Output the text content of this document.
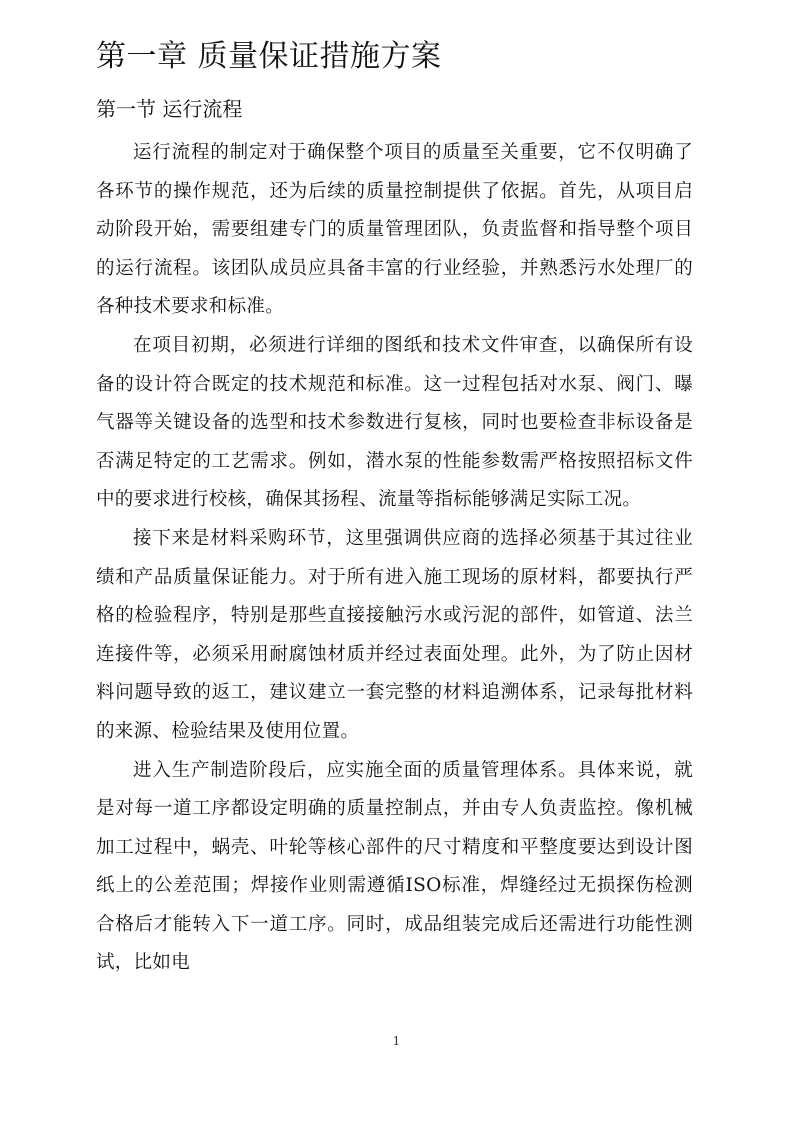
第一章 质量保证措施方案
第一节 运行流程

运行流程的制定对于确保整个项目的质量至关重要，它不仅明确了各环节的操作规范，还为后续的质量控制提供了依据。首先，从项目启动阶段开始，需要组建专门的质量管理团队，负责监督和指导整个项目的运行流程。该团队成员应具备丰富的行业经验，并熟悉污水处理厂的各种技术要求和标准。

在项目初期，必须进行详细的图纸和技术文件审查，以确保所有设备的设计符合既定的技术规范和标准。这一过程包括对水泵、阀门、曝气器等关键设备的选型和技术参数进行复核，同时也要检查非标设备是否满足特定的工艺需求。例如，潜水泵的性能参数需严格按照招标文件中的要求进行校核，确保其扬程、流量等指标能够满足实际工况。

接下来是材料采购环节，这里强调供应商的选择必须基于其过往业绩和产品质量保证能力。对于所有进入施工现场的原材料，都要执行严格的检验程序，特别是那些直接接触污水或污泥的部件，如管道、法兰连接件等，必须采用耐腐蚀材质并经过表面处理。此外，为了防止因材料问题导致的返工，建议建立一套完整的材料追溯体系，记录每批材料的来源、检验结果及使用位置。

进入生产制造阶段后，应实施全面的质量管理体系。具体来说，就是对每一道工序都设定明确的质量控制点，并由专人负责监控。像机械加工过程中，蜗壳、叶轮等核心部件的尺寸精度和平整度要达到设计图纸上的公差范围；焊接作业则需遵循ISO标准，焊缝经过无损探伤检测合格后才能转入下一道工序。同时，成品组装完成后还需进行功能性测试，比如电

1
